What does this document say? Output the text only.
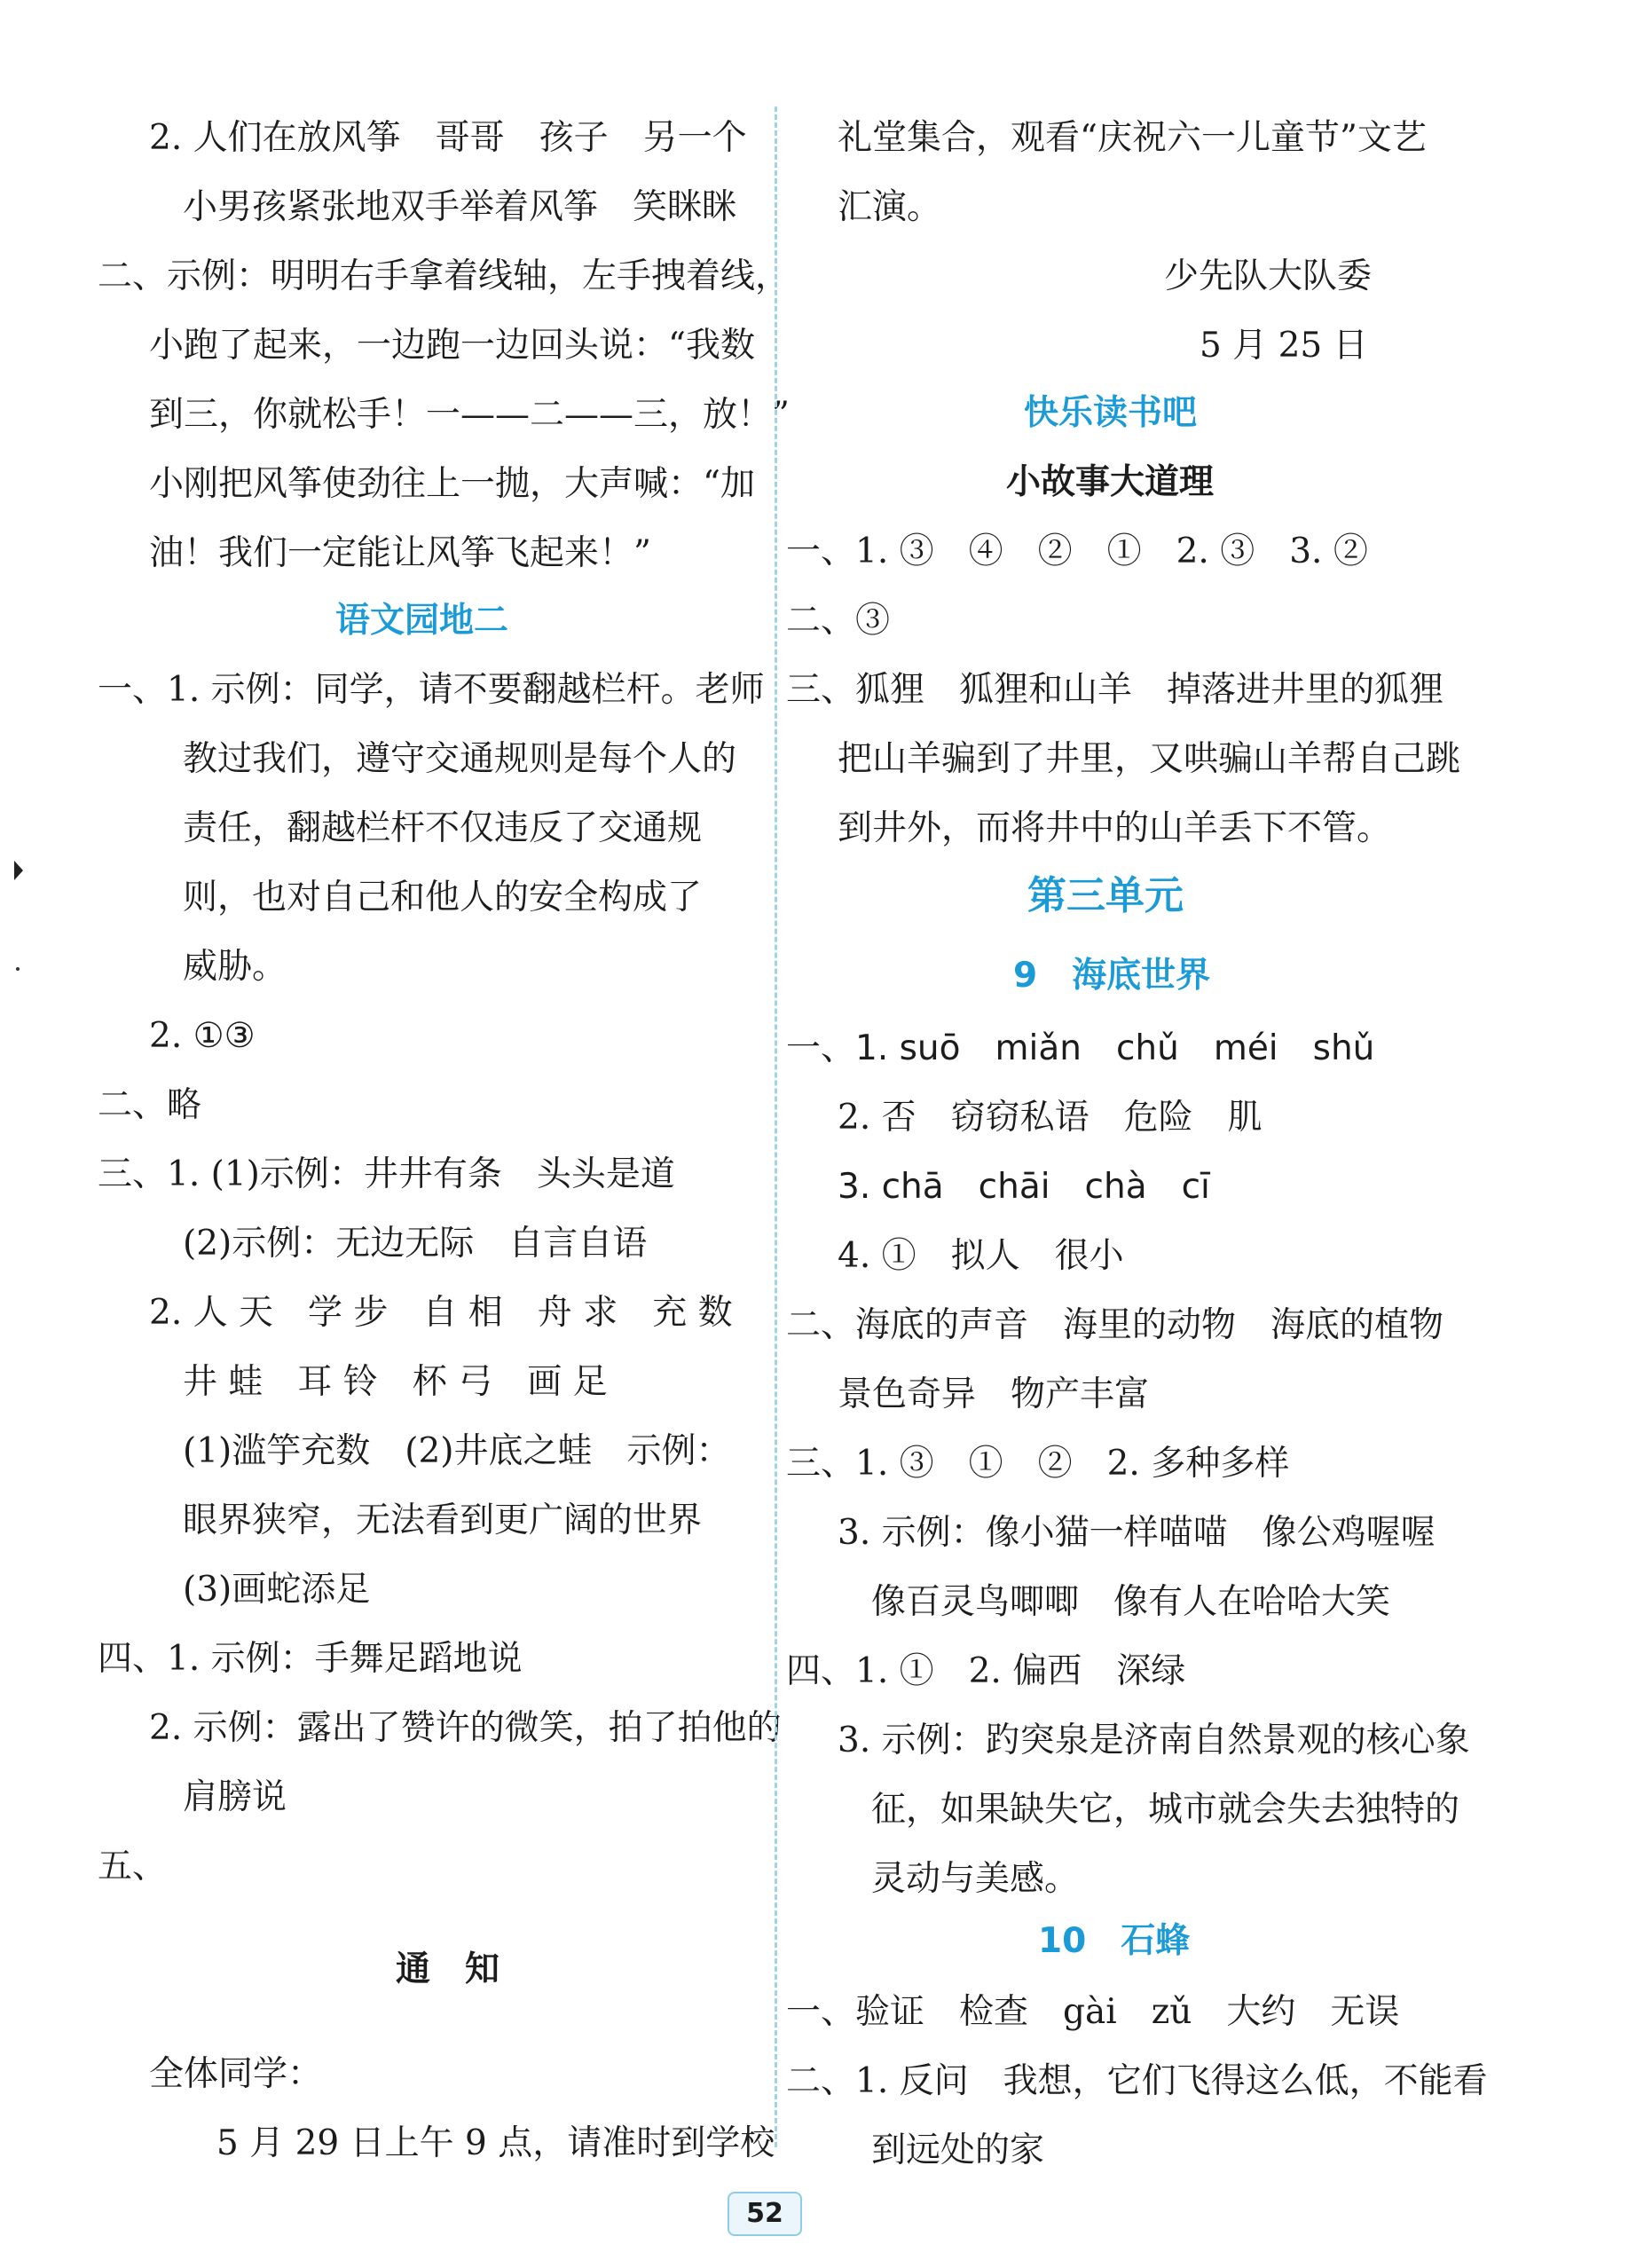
2. 人们在放风筝　哥哥　孩子　另一个
小男孩紧张地双手举着风筝　笑眯眯
二、示例：明明右手拿着线轴，左手拽着线，
小跑了起来，一边跑一边回头说：“我数
到三，你就松手！一——二——三，放！”
小刚把风筝使劲往上一抛，大声喊：“加
油！我们一定能让风筝飞起来！”
语文园地二
一、1. 示例：同学，请不要翻越栏杆。老师
教过我们，遵守交通规则是每个人的
责任，翻越栏杆不仅违反了交通规
则，也对自己和他人的安全构成了
威胁。
2. ①③
二、略
三、1. (1)示例：井井有条　头头是道
(2)示例：无边无际　自言自语
2. 人 天　学 步　自 相　舟 求　充 数
井 蛙　耳 铃　杯 弓　画 足
(1)滥竽充数　(2)井底之蛙　示例：
眼界狭窄，无法看到更广阔的世界
(3)画蛇添足
四、1. 示例：手舞足蹈地说
2. 示例：露出了赞许的微笑，拍了拍他的
肩膀说
五、
通　知
全体同学：
5 月 29 日上午 9 点，请准时到学校
礼堂集合，观看“庆祝六一儿童节”文艺
汇演。
少先队大队委
5 月 25 日
快乐读书吧
小故事大道理
一、1. ③　④　②　①　2. ③　3. ②
二、③
三、狐狸　狐狸和山羊　掉落进井里的狐狸
把山羊骗到了井里，又哄骗山羊帮自己跳
到井外，而将井中的山羊丢下不管。
第三单元
9　海底世界
一、1. suō　miǎn　chǔ　méi　shǔ
2. 否　窃窃私语　危险　肌
3. chā　chāi　chà　cī
4. ①　拟人　很小
二、海底的声音　海里的动物　海底的植物
景色奇异　物产丰富
三、1. ③　①　②　2. 多种多样
3. 示例：像小猫一样喵喵　像公鸡喔喔
像百灵鸟唧唧　像有人在哈哈大笑
四、1. ①　2. 偏西　深绿
3. 示例：趵突泉是济南自然景观的核心象
征，如果缺失它，城市就会失去独特的
灵动与美感。
10　石蜂
一、验证　检查　gài　zǔ　大约　无误
二、1. 反问　我想，它们飞得这么低，不能看
到远处的家
52
